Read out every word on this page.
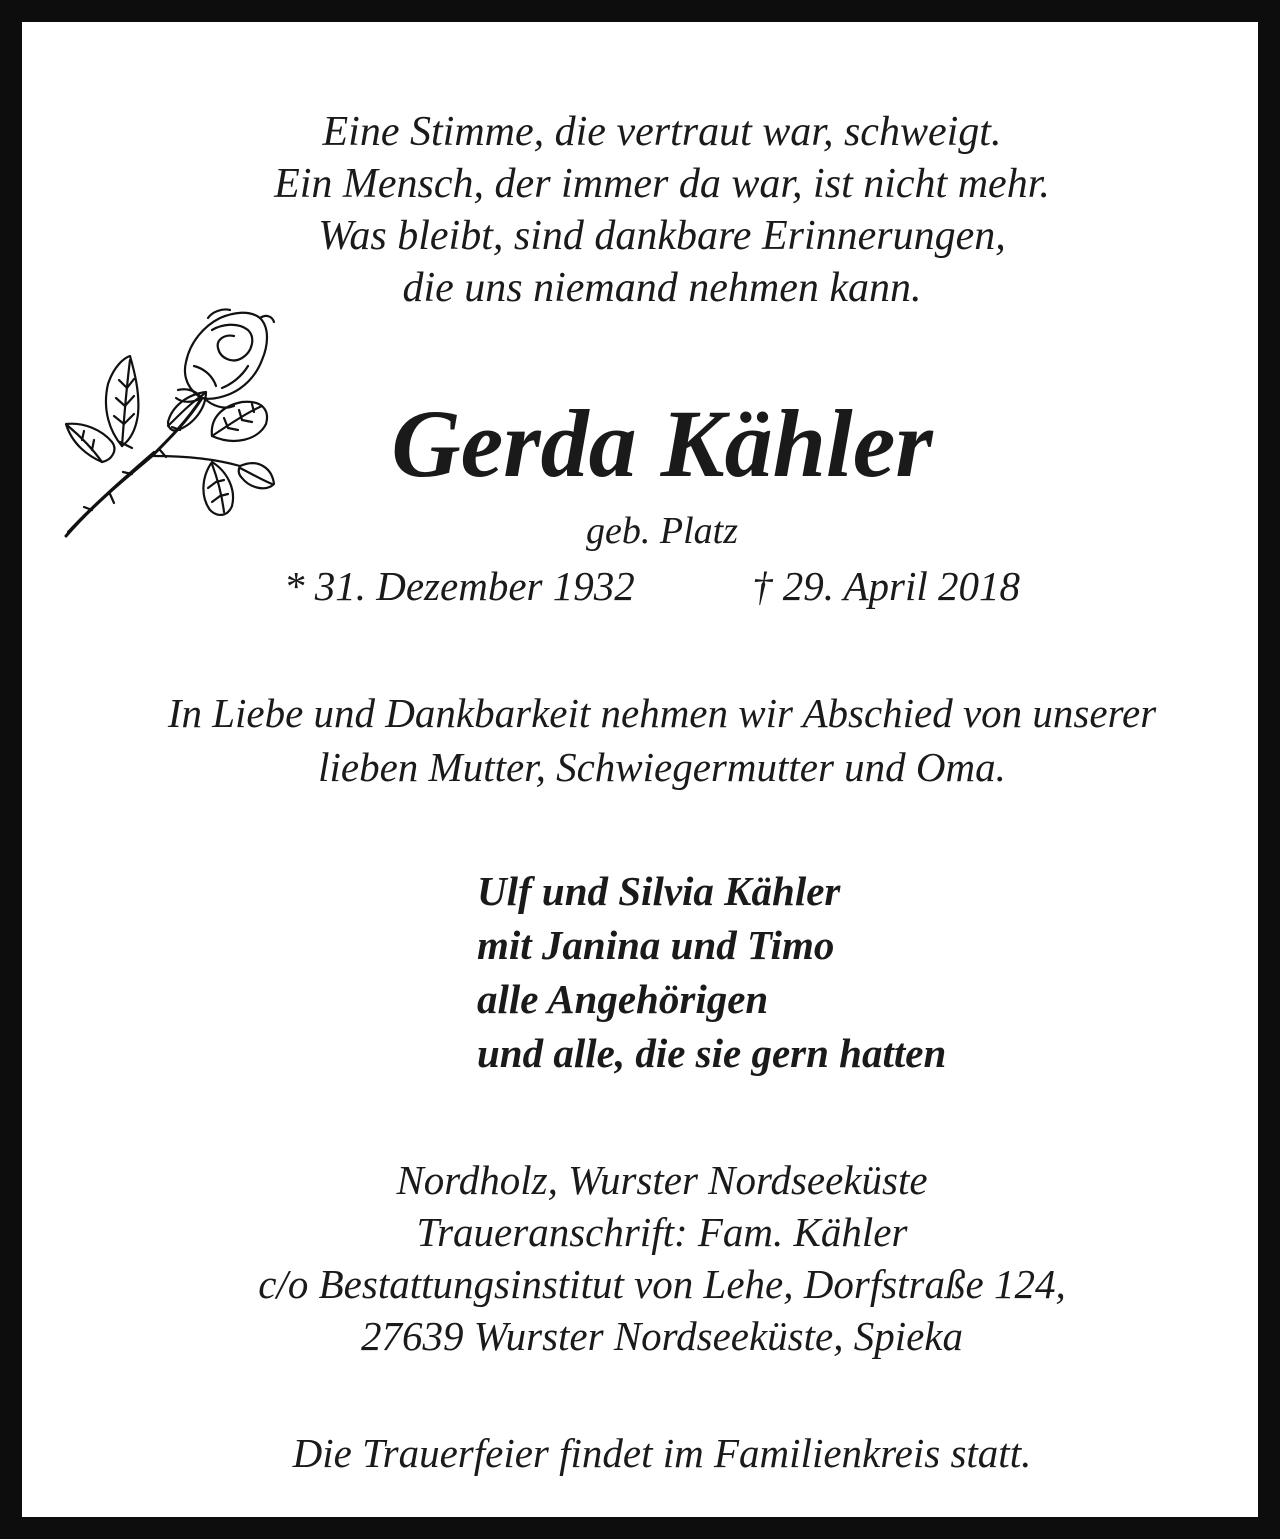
Eine Stimme, die vertraut war, schweigt.
Ein Mensch, der immer da war, ist nicht mehr.
Was bleibt, sind dankbare Erinnerungen,
die uns niemand nehmen kann.
Gerda Kähler
geb. Platz
* 31. Dezember 1932	† 29. April 2018
In Liebe und Dankbarkeit nehmen wir Abschied von unserer
lieben Mutter, Schwiegermutter und Oma.
Ulf und Silvia Kähler
mit Janina und Timo
alle Angehörigen
und alle, die sie gern hatten
Nordholz, Wurster Nordseeküste
Traueranschrift: Fam. Kähler
c/o Bestattungsinstitut von Lehe, Dorfstraße 124,
27639 Wurster Nordseeküste, Spieka
Die Trauerfeier findet im Familienkreis statt.
